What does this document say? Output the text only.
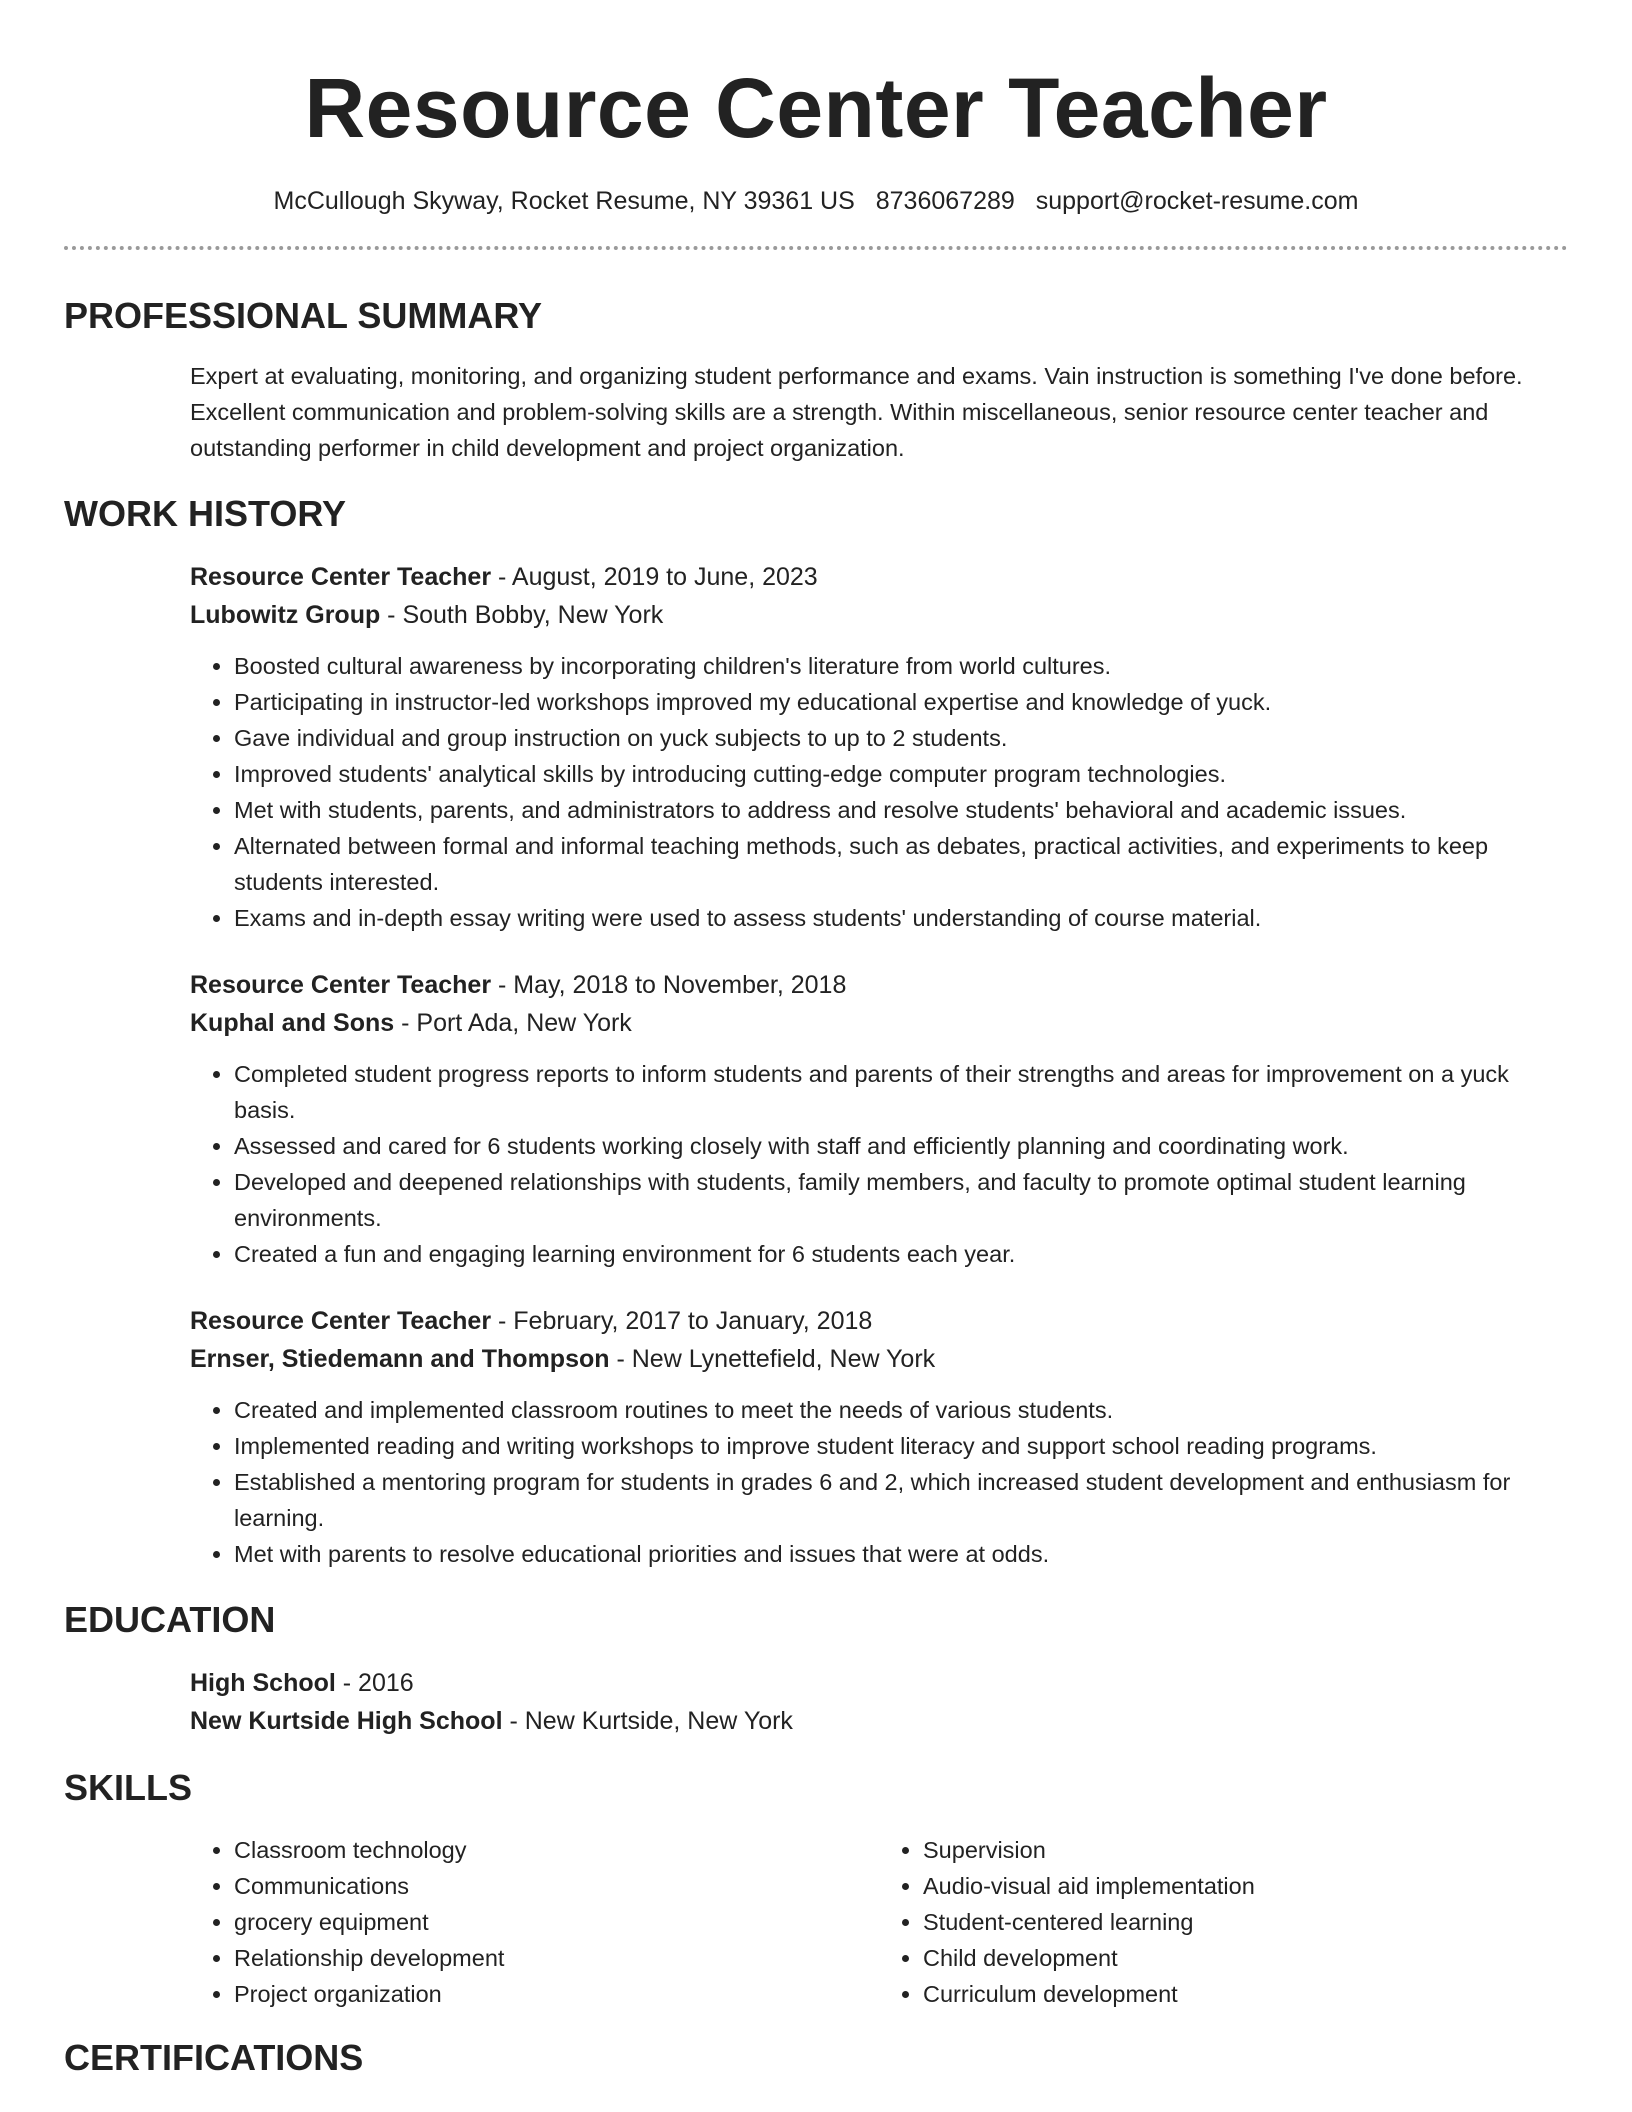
Resource Center Teacher
McCullough Skyway, Rocket Resume, NY 39361 US 8736067289 support@rocket-resume.com
PROFESSIONAL SUMMARY
Expert at evaluating, monitoring, and organizing student performance and exams. Vain instruction is something I've done before. Excellent communication and problem-solving skills are a strength. Within miscellaneous, senior resource center teacher and outstanding performer in child development and project organization.
WORK HISTORY
Resource Center Teacher - August, 2019 to June, 2023
Lubowitz Group - South Bobby, New York
• Boosted cultural awareness by incorporating children's literature from world cultures.
• Participating in instructor-led workshops improved my educational expertise and knowledge of yuck.
• Gave individual and group instruction on yuck subjects to up to 2 students.
• Improved students' analytical skills by introducing cutting-edge computer program technologies.
• Met with students, parents, and administrators to address and resolve students' behavioral and academic issues.
• Alternated between formal and informal teaching methods, such as debates, practical activities, and experiments to keep students interested.
• Exams and in-depth essay writing were used to assess students' understanding of course material.
Resource Center Teacher - May, 2018 to November, 2018
Kuphal and Sons - Port Ada, New York
• Completed student progress reports to inform students and parents of their strengths and areas for improvement on a yuck basis.
• Assessed and cared for 6 students working closely with staff and efficiently planning and coordinating work.
• Developed and deepened relationships with students, family members, and faculty to promote optimal student learning environments.
• Created a fun and engaging learning environment for 6 students each year.
Resource Center Teacher - February, 2017 to January, 2018
Ernser, Stiedemann and Thompson - New Lynettefield, New York
• Created and implemented classroom routines to meet the needs of various students.
• Implemented reading and writing workshops to improve student literacy and support school reading programs.
• Established a mentoring program for students in grades 6 and 2, which increased student development and enthusiasm for learning.
• Met with parents to resolve educational priorities and issues that were at odds.
EDUCATION
High School - 2016
New Kurtside High School - New Kurtside, New York
SKILLS
• Classroom technology
• Communications
• grocery equipment
• Relationship development
• Project organization
• Supervision
• Audio-visual aid implementation
• Student-centered learning
• Child development
• Curriculum development
CERTIFICATIONS
